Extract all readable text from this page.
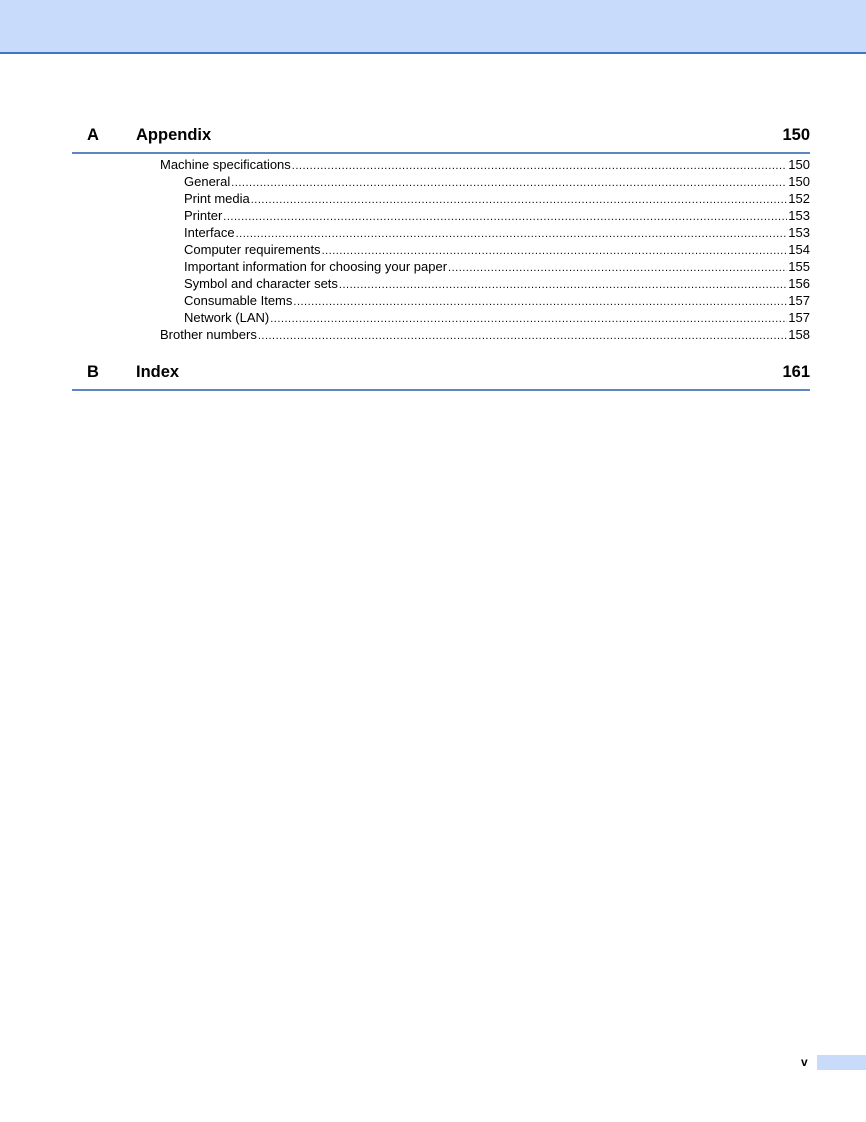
A Appendix	150
Machine specifications .....	150
General .....	150
Print media .....	152
Printer .....	153
Interface .....	153
Computer requirements .....	154
Important information for choosing your paper .....	155
Symbol and character sets .....	156
Consumable Items .....	157
Network (LAN) .....	157
Brother numbers .....	158
B Index	161
v
